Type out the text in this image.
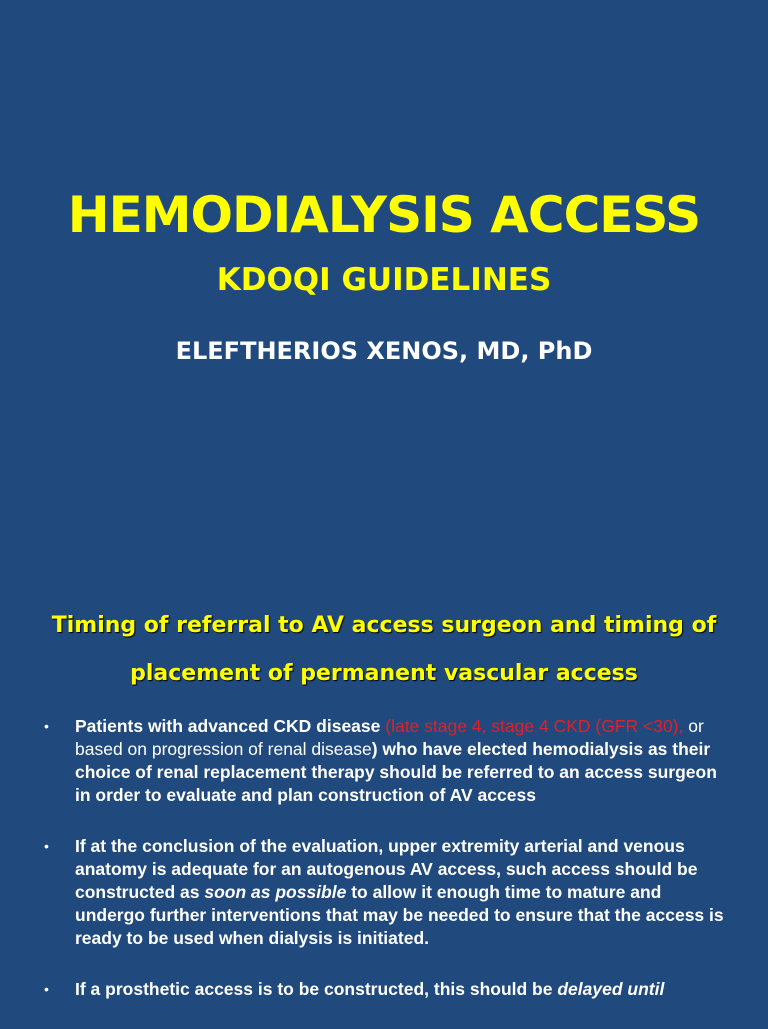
HEMODIALYSIS ACCESS
KDOQI GUIDELINES
ELEFTHERIOS XENOS, MD, PhD
Timing of referral to AV access surgeon and timing of
placement of permanent vascular access
• Patients with advanced CKD disease (late stage 4, stage 4 CKD (GFR <30), or based on progression of renal disease) who have elected hemodialysis as their choice of renal replacement therapy should be referred to an access surgeon in order to evaluate and plan construction of AV access
• If at the conclusion of the evaluation, upper extremity arterial and venous anatomy is adequate for an autogenous AV access, such access should be constructed as soon as possible to allow it enough time to mature and undergo further interventions that may be needed to ensure that the access is ready to be used when dialysis is initiated.
• If a prosthetic access is to be constructed, this should be delayed until
